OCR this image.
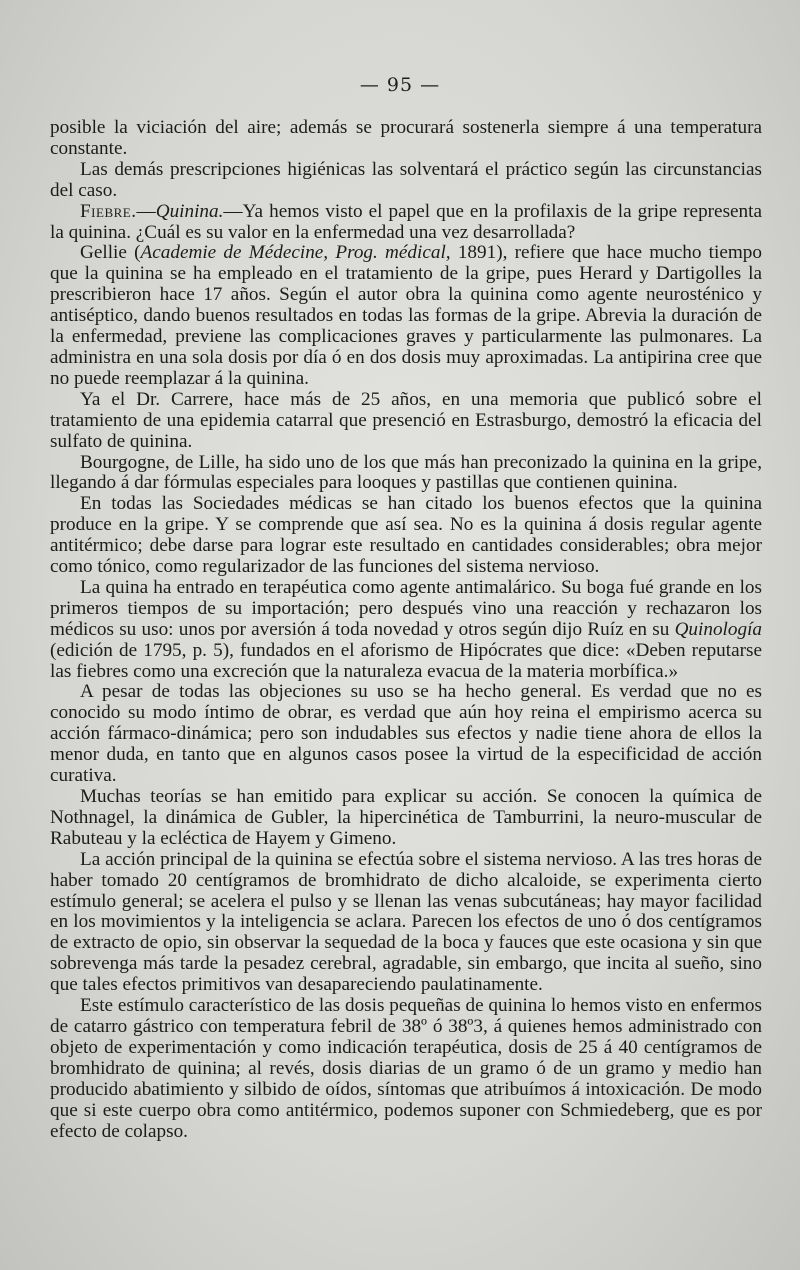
— 95 —

posible la viciación del aire; además se procurará sostenerla siempre á una temperatura constante.

Las demás prescripciones higiénicas las solventará el práctico según las circunstancias del caso.

Fiebre.—Quinina.—Ya hemos visto el papel que en la profilaxis de la gripe representa la quinina. ¿Cuál es su valor en la enfermedad una vez desarrollada?

Gellie (Academie de Médecine, Prog. médical, 1891), refiere que hace mucho tiempo que la quinina se ha empleado en el tratamiento de la gripe, pues Herard y Dartigolles la prescribieron hace 17 años. Según el autor obra la quinina como agente neurosténico y antiséptico, dando buenos resultados en todas las formas de la gripe. Abrevia la duración de la enfermedad, previene las complicaciones graves y particularmente las pulmonares. La administra en una sola dosis por día ó en dos dosis muy aproximadas. La antipirina cree que no puede reemplazar á la quinina.

Ya el Dr. Carrere, hace más de 25 años, en una memoria que publicó sobre el tratamiento de una epidemia catarral que presenció en Estrasburgo, demostró la eficacia del sulfato de quinina.

Bourgogne, de Lille, ha sido uno de los que más han preconizado la quinina en la gripe, llegando á dar fórmulas especiales para looques y pastillas que contienen quinina.

En todas las Sociedades médicas se han citado los buenos efectos que la quinina produce en la gripe. Y se comprende que así sea. No es la quinina á dosis regular agente antitérmico; debe darse para lograr este resultado en cantidades considerables; obra mejor como tónico, como regularizador de las funciones del sistema nervioso.

La quina ha entrado en terapéutica como agente antimalárico. Su boga fué grande en los primeros tiempos de su importación; pero después vino una reacción y rechazaron los médicos su uso: unos por aversión á toda novedad y otros según dijo Ruíz en su Quinología (edición de 1795, p. 5), fundados en el aforismo de Hipócrates que dice: «Deben reputarse las fiebres como una excreción que la naturaleza evacua de la materia morbífica.»

A pesar de todas las objeciones su uso se ha hecho general. Es verdad que no es conocido su modo íntimo de obrar, es verdad que aún hoy reina el empirismo acerca su acción fármaco-dinámica; pero son indudables sus efectos y nadie tiene ahora de ellos la menor duda, en tanto que en algunos casos posee la virtud de la especificidad de acción curativa.

Muchas teorías se han emitido para explicar su acción. Se conocen la química de Nothnagel, la dinámica de Gubler, la hipercinética de Tamburrini, la neuro-muscular de Rabuteau y la ecléctica de Hayem y Gimeno.

La acción principal de la quinina se efectúa sobre el sistema nervioso. A las tres horas de haber tomado 20 centígramos de bromhidrato de dicho alcaloide, se experimenta cierto estímulo general; se acelera el pulso y se llenan las venas subcutáneas; hay mayor facilidad en los movimientos y la inteligencia se aclara. Parecen los efectos de uno ó dos centígramos de extracto de opio, sin observar la sequedad de la boca y fauces que este ocasiona y sin que sobrevenga más tarde la pesadez cerebral, agradable, sin embargo, que incita al sueño, sino que tales efectos primitivos van desapareciendo paulatinamente.

Este estímulo característico de las dosis pequeñas de quinina lo hemos visto en enfermos de catarro gástrico con temperatura febril de 38º ó 38º3, á quienes hemos administrado con objeto de experimentación y como indicación terapéutica, dosis de 25 á 40 centígramos de bromhidrato de quinina; al revés, dosis diarias de un gramo ó de un gramo y medio han producido abatimiento y silbido de oídos, síntomas que atribuímos á intoxicación. De modo que si este cuerpo obra como antitérmico, podemos suponer con Schmiedeberg, que es por efecto de colapso.
